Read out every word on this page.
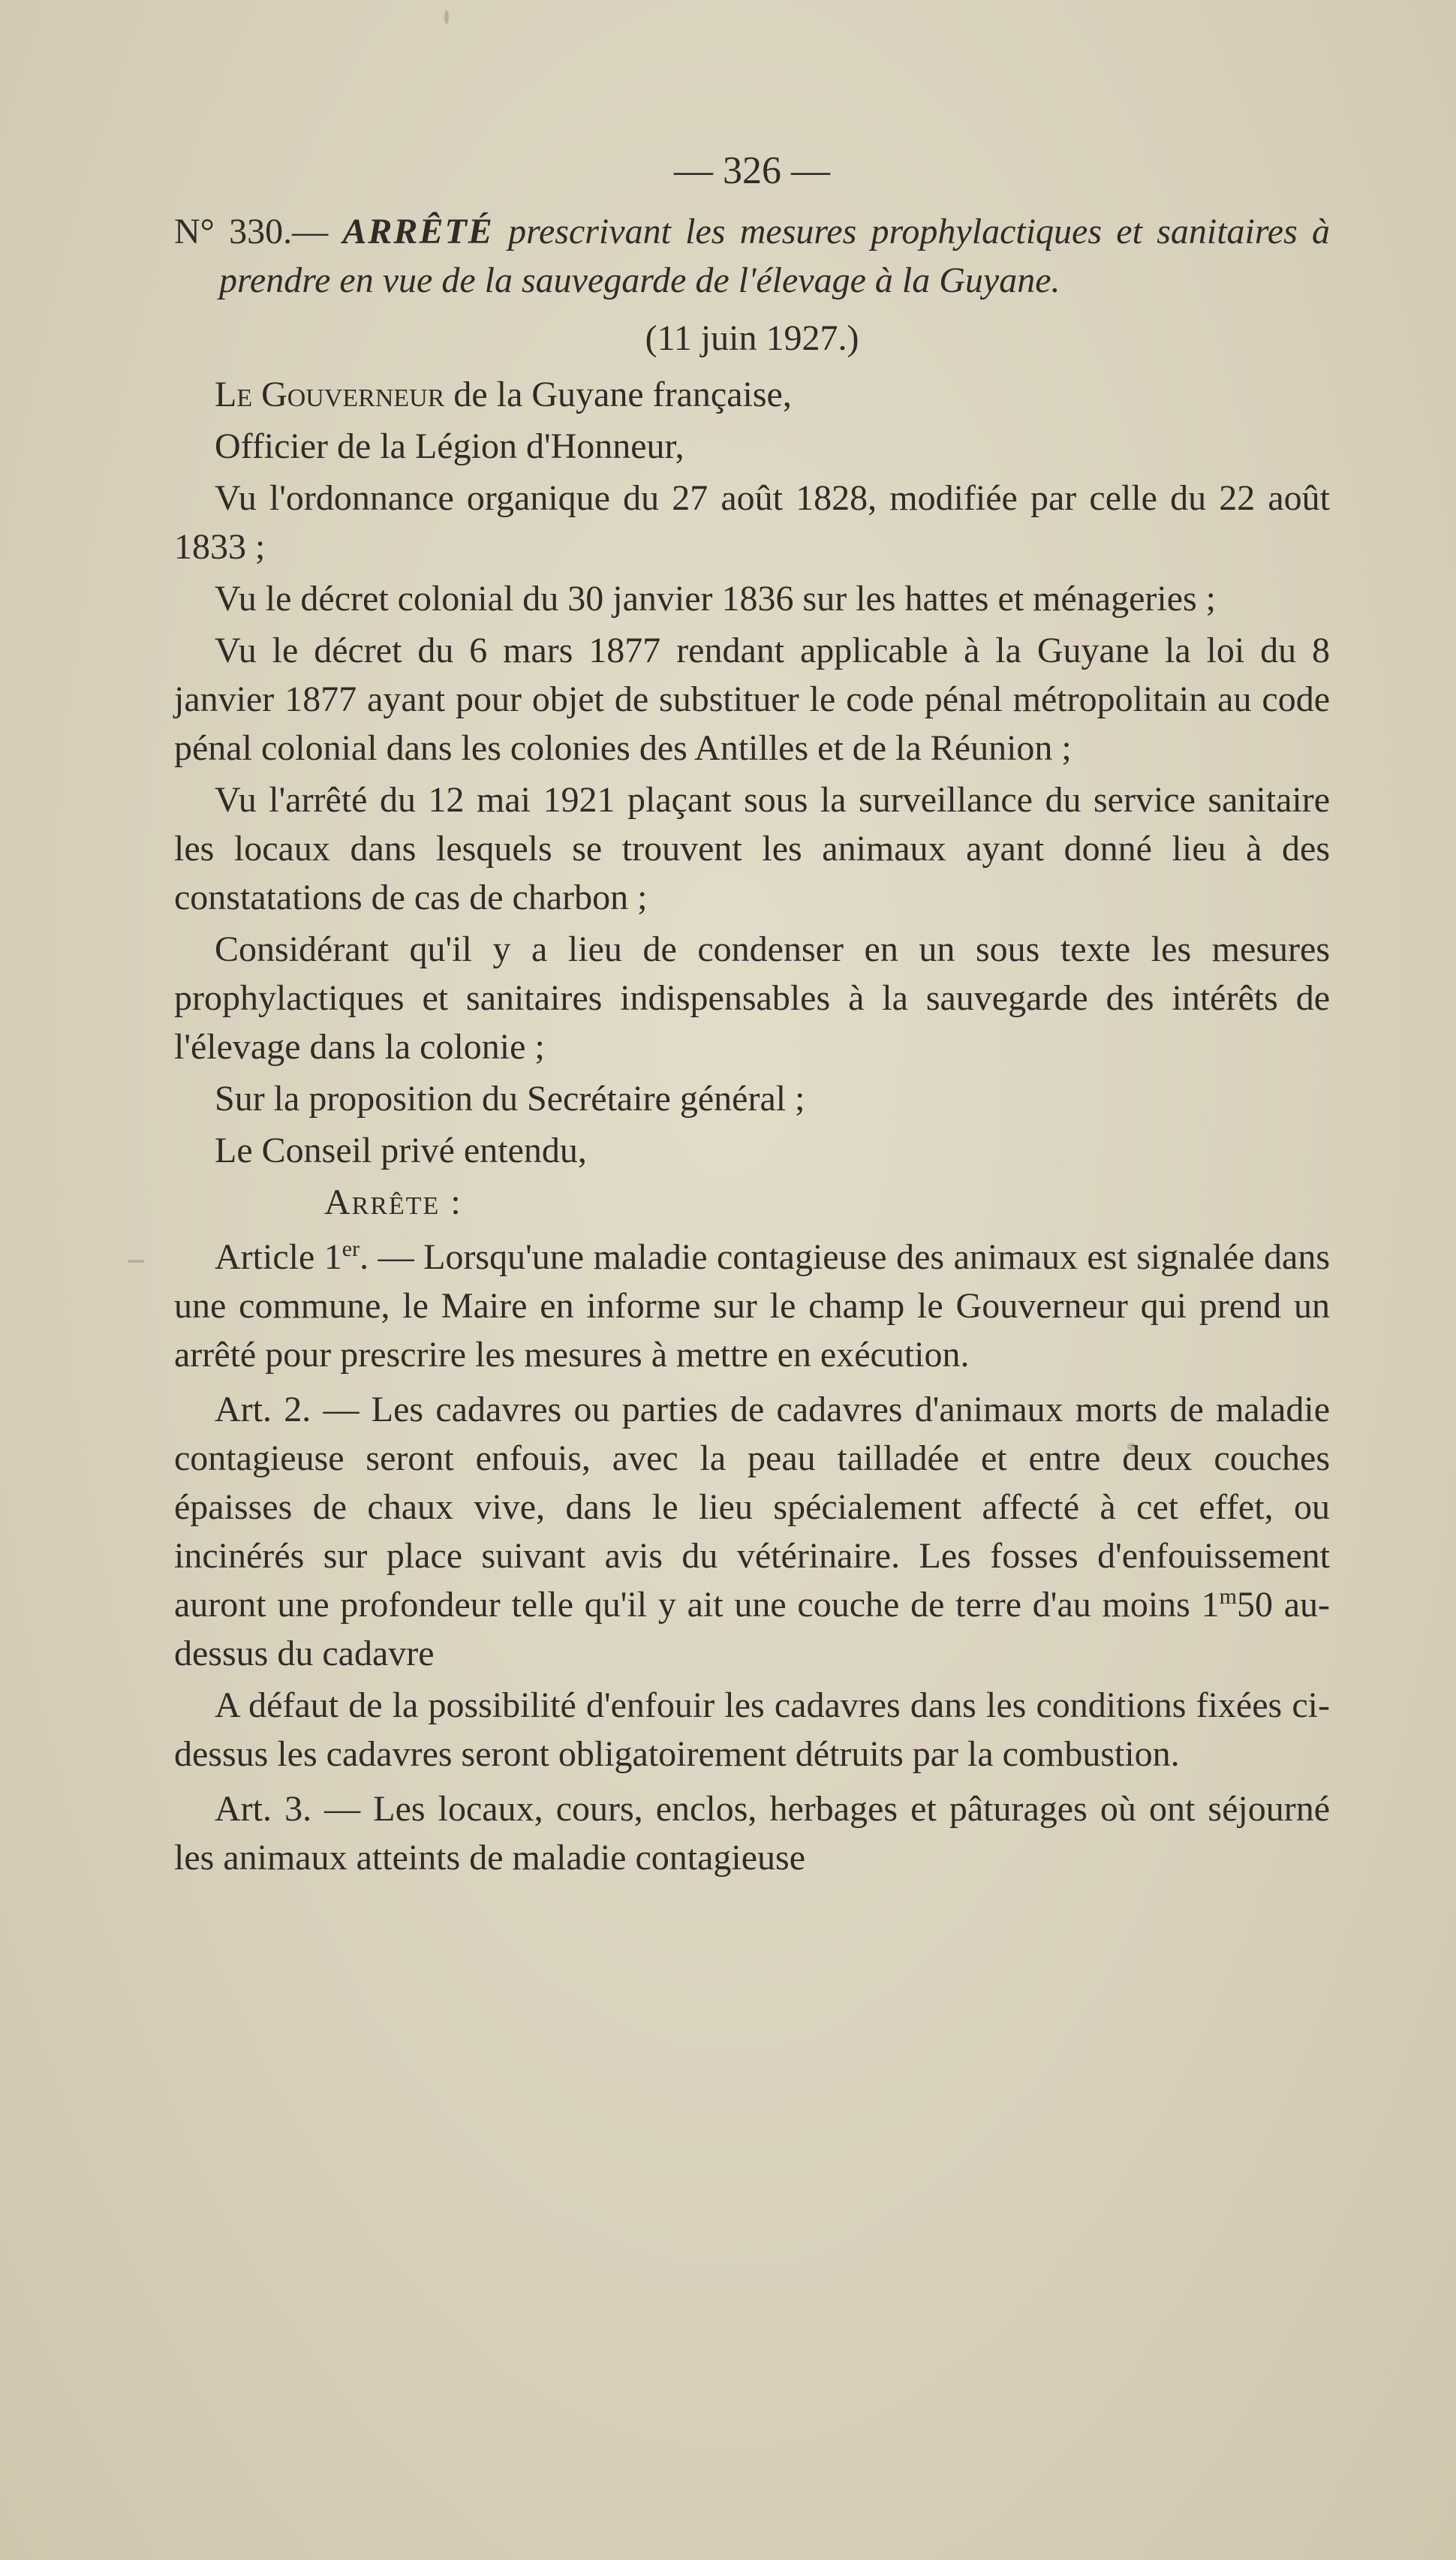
— 326 —

N° 330.— ARRÊTÉ prescrivant les mesures prophylactiques et sanitaires à prendre en vue de la sauvegarde de l'élevage à la Guyane.

(11 juin 1927.)

Le Gouverneur de la Guyane française,

Officier de la Légion d'Honneur,

Vu l'ordonnance organique du 27 août 1828, modifiée par celle du 22 août 1833 ;

Vu le décret colonial du 30 janvier 1836 sur les hattes et ménageries ;

Vu le décret du 6 mars 1877 rendant applicable à la Guyane la loi du 8 janvier 1877 ayant pour objet de substituer le code pénal métropolitain au code pénal colonial dans les colonies des Antilles et de la Réunion ;

Vu l'arrêté du 12 mai 1921 plaçant sous la surveillance du service sanitaire les locaux dans lesquels se trouvent les animaux ayant donné lieu à des constatations de cas de charbon ;

Considérant qu'il y a lieu de condenser en un sous texte les mesures prophylactiques et sanitaires indispensables à la sauvegarde des intérêts de l'élevage dans la colonie ;

Sur la proposition du Secrétaire général ;

Le Conseil privé entendu,

Arrête :

Article 1er. — Lorsqu'une maladie contagieuse des animaux est signalée dans une commune, le Maire en informe sur le champ le Gouverneur qui prend un arrêté pour prescrire les mesures à mettre en exécution.

Art. 2. — Les cadavres ou parties de cadavres d'animaux morts de maladie contagieuse seront enfouis, avec la peau tailladée et entre deux couches épaisses de chaux vive, dans le lieu spécialement affecté à cet effet, ou incinérés sur place suivant avis du vétérinaire. Les fosses d'enfouissement auront une profondeur telle qu'il y ait une couche de terre d'au moins 1$^m$50 au-dessus du cadavre

A défaut de la possibilité d'enfouir les cadavres dans les conditions fixées ci-dessus les cadavres seront obligatoirement détruits par la combustion.

Art. 3. — Les locaux, cours, enclos, herbages et pâturages où ont séjourné les animaux atteints de maladie contagieuse
